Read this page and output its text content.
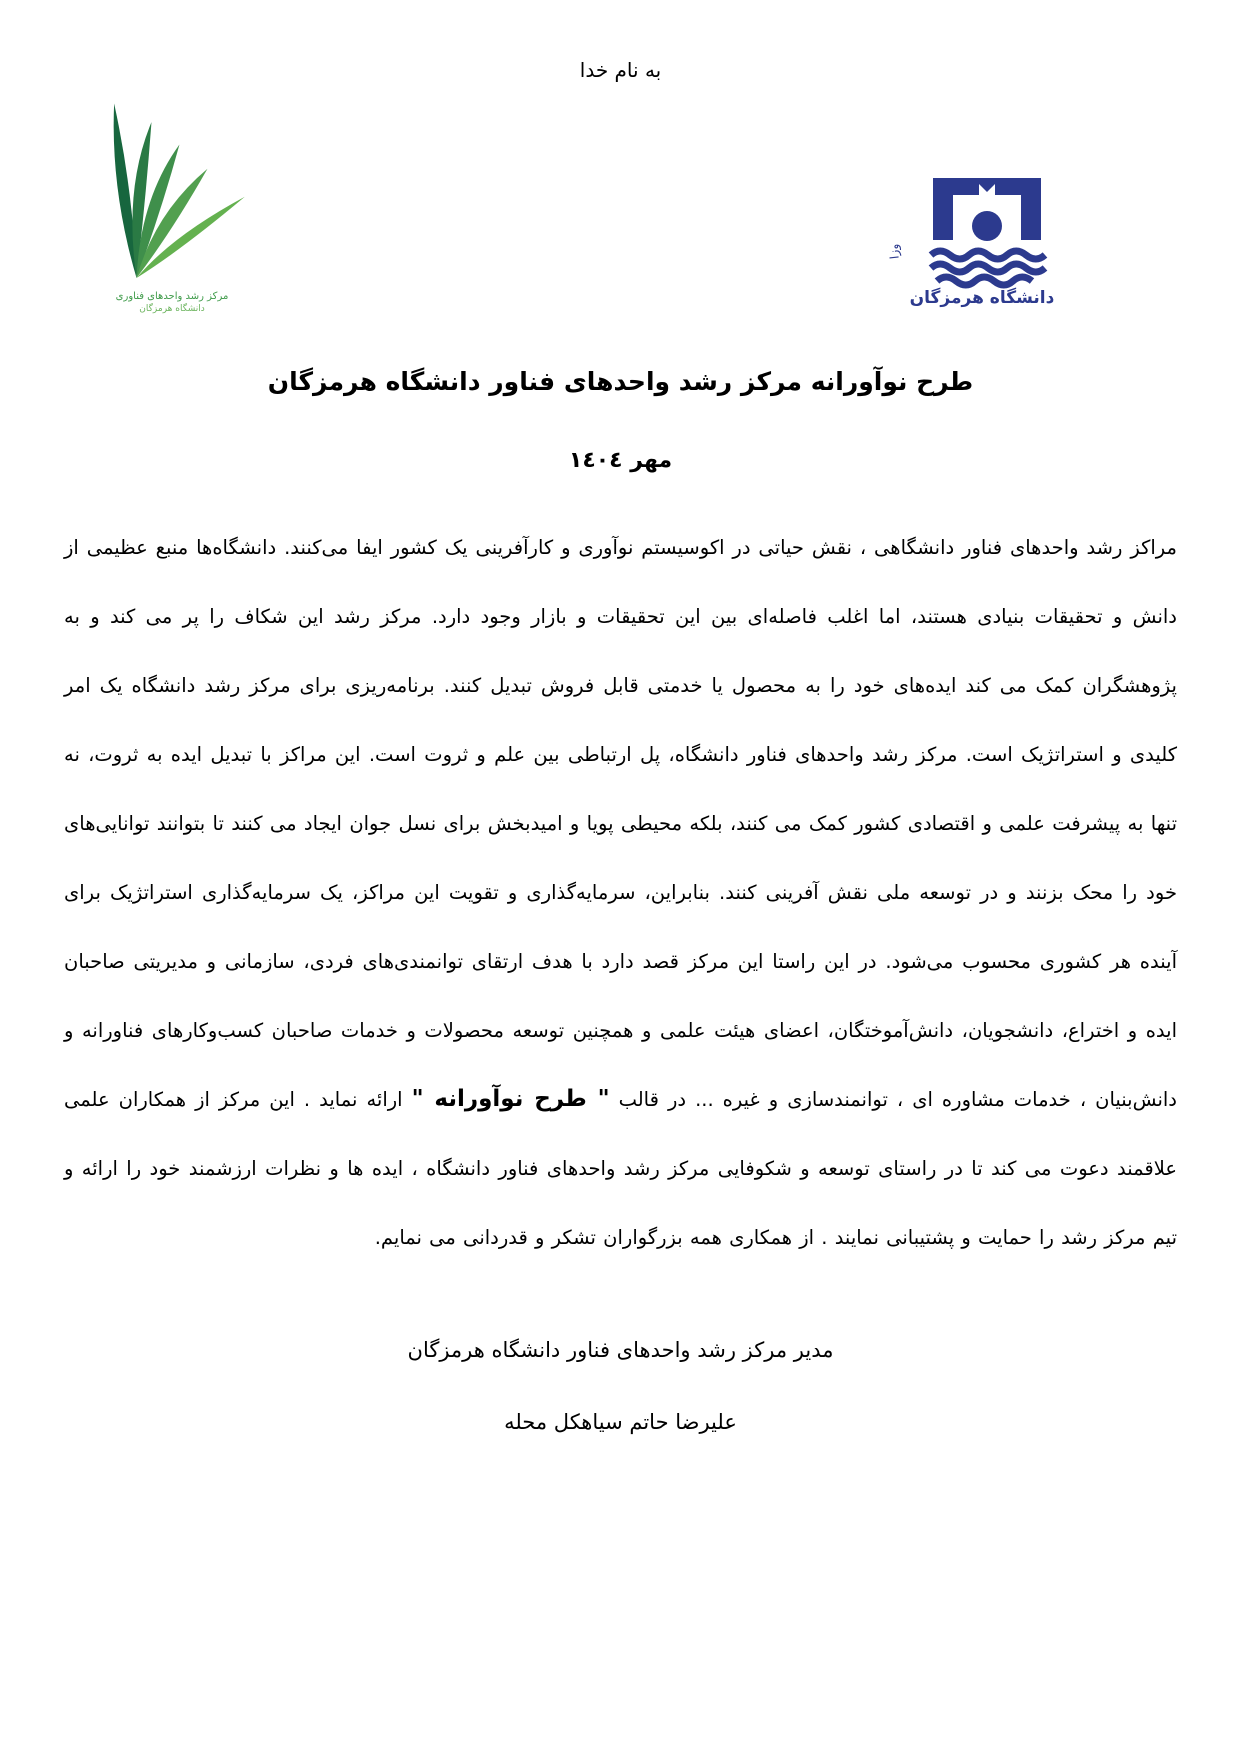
به نام خدا
مرکز رشد واحدهای فناوری
دانشگاه هرمزگان
وزا
دانشگاه هرمزگان
طرح نوآورانه مرکز رشد واحدهای فناور دانشگاه هرمزگان
مهر ١٤٠٤

مراکز رشد واحدهای فناور دانشگاهی ، نقش حیاتی در اکوسیستم نوآوری و کارآفرینی یک کشور ایفا می‌کنند. دانشگاه‌ها منبع عظیمی از دانش و تحقیقات بنیادی هستند، اما اغلب فاصله‌ای بین این تحقیقات و بازار وجود دارد. مرکز رشد این شکاف را پر می کند و به پژوهشگران کمک می کند ایده‌های خود را به محصول یا خدمتی قابل فروش تبدیل کنند. برنامه‌ریزی برای مرکز رشد دانشگاه یک امر کلیدی و استراتژیک است. مرکز رشد واحدهای فناور دانشگاه، پل ارتباطی بین علم و ثروت است. این مراکز با تبدیل ایده به ثروت، نه تنها به پیشرفت علمی و اقتصادی کشور کمک می کنند، بلکه محیطی پویا و امیدبخش برای نسل جوان ایجاد می کنند تا بتوانند توانایی‌های خود را محک بزنند و در توسعه ملی نقش آفرینی کنند. بنابراین، سرمایه‌گذاری و تقویت این مراکز، یک سرمایه‌گذاری استراتژیک برای آینده هر کشوری محسوب می‌شود. در این راستا این مرکز قصد دارد با هدف ارتقای توانمندی‌های فردی، سازمانی و مدیریتی صاحبان ایده و اختراع، دانشجویان، دانش‌آموختگان، اعضای هیئت علمی و همچنین توسعه محصولات و خدمات صاحبان کسب‌وکارهای فناورانه و دانش‌بنیان ، خدمات مشاوره ای ، توانمندسازی و غیره ... در قالب " طرح نوآورانه " ارائه نماید . این مرکز از همکاران علمی علاقمند دعوت می کند تا در راستای توسعه و شکوفایی مرکز رشد واحدهای فناور دانشگاه ، ایده ها و نظرات ارزشمند خود را ارائه و تیم مرکز رشد را حمایت و پشتیبانی نمایند . از همکاری همه بزرگواران تشکر و قدردانی می نمایم.

مدیر مرکز رشد واحدهای فناور دانشگاه هرمزگان
علیرضا حاتم سیاهکل محله
